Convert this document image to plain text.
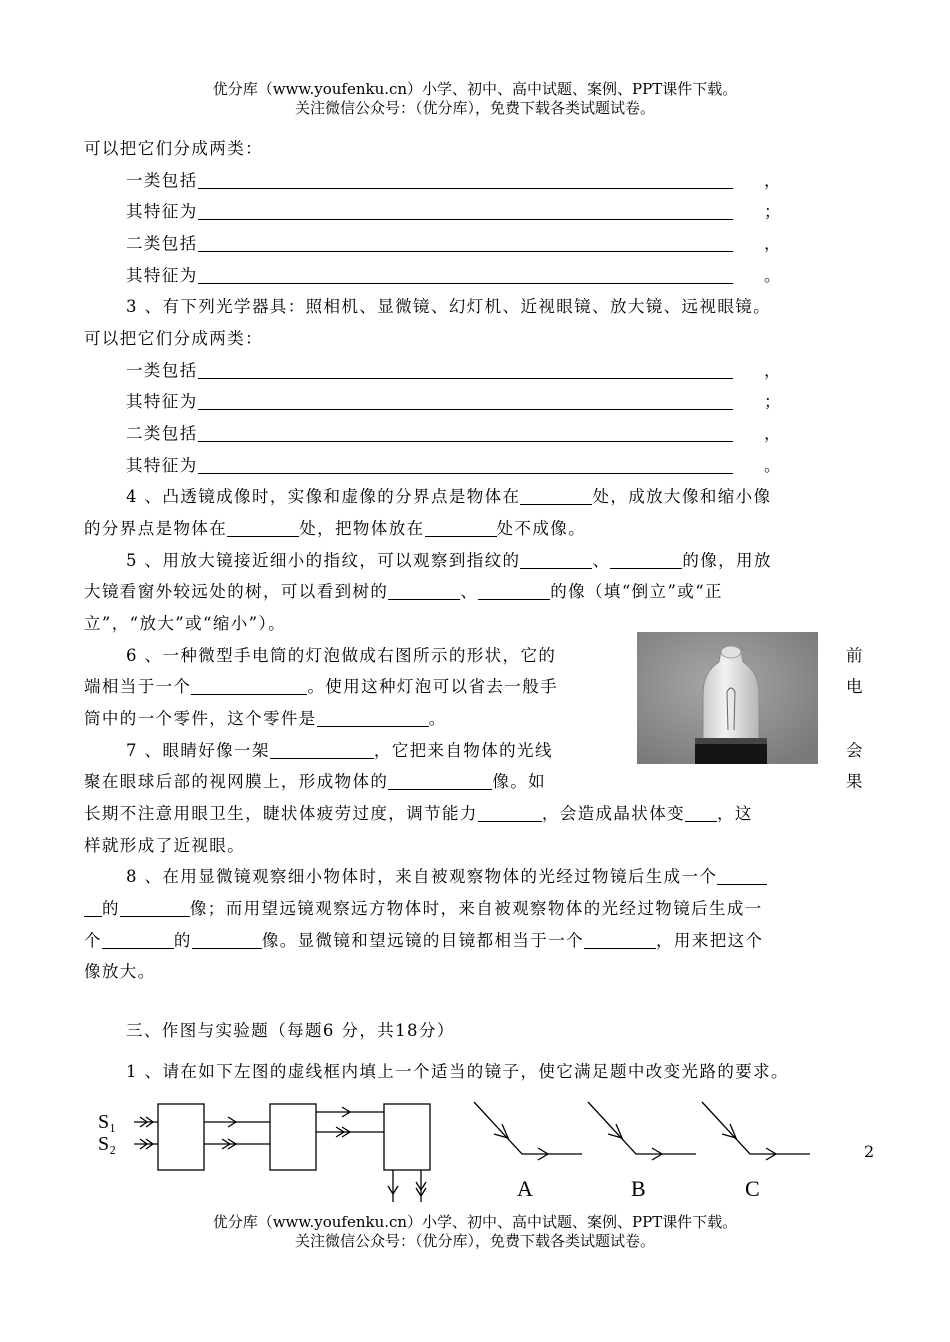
优分库（www.youfenku.cn）小学、初中、高中试题、案例、PPT课件下载。
关注微信公众号：（优分库），免费下载各类试题试卷。
可以把它们分成两类：
一类包括	，
其特征为	；
二类包括	，
其特征为	。
3 、有下列光学器具：照相机、显微镜、幻灯机、近视眼镜、放大镜、远视眼镜。
可以把它们分成两类：
一类包括	，
其特征为	；
二类包括	，
其特征为	。
4 、凸透镜成像时，实像和虚像的分界点是物体在	处，成放大像和缩小像
的分界点是物体在	处，把物体放在	处不成像。
5 、用放大镜接近细小的指纹，可以观察到指纹的	、	的像，用放
大镜看窗外较远处的树，可以看到树的	、	的像（填“倒立”或“正
立”，“放大”或“缩小”）。
6 、一种微型手电筒的灯泡做成右图所示的形状，它的	前
端相当于一个	。使用这种灯泡可以省去一般手	电
筒中的一个零件，这个零件是	。
7 、眼睛好像一架	，它把来自物体的光线	会
聚在眼球后部的视网膜上，形成物体的	像。如	果
长期不注意用眼卫生，睫状体疲劳过度，调节能力	，会造成晶状体变 ，这
样就形成了近视眼。
8 、在用显微镜观察细小物体时，来自被观察物体的光经过物镜后生成一个
的	像；而用望远镜观察远方物体时，来自被观察物体的光经过物镜后生成一
个	的	像。显微镜和望远镜的目镜都相当于一个	，用来把这个
像放大。
三、作图与实验题（每题6 分，共18分）
1 、请在如下左图的虚线框内填上一个适当的镜子，使它满足题中改变光路的要求。
S₁
S₂
A	B	C
2
优分库（www.youfenku.cn）小学、初中、高中试题、案例、PPT课件下载。
关注微信公众号：（优分库），免费下载各类试题试卷。
